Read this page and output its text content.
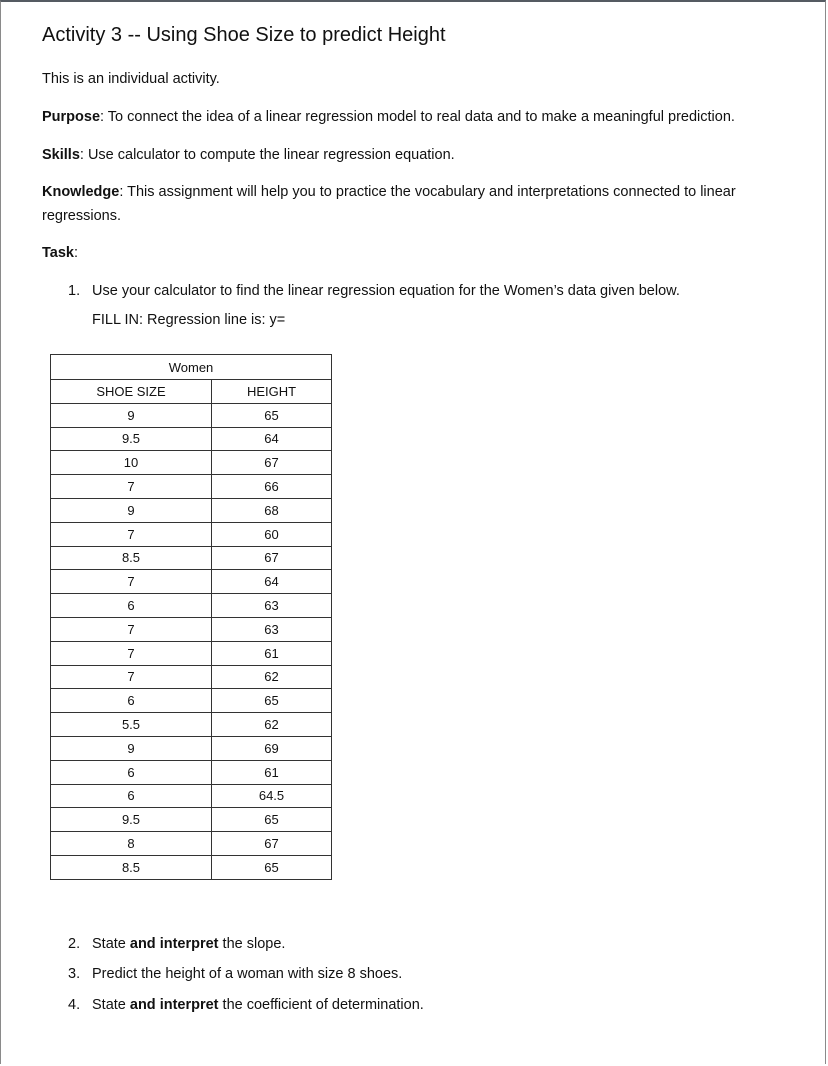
Activity 3 -- Using Shoe Size to predict Height

This is an individual activity.

Purpose: To connect the idea of a linear regression model to real data and to make a meaningful prediction.

Skills: Use calculator to compute the linear regression equation.

Knowledge: This assignment will help you to practice the vocabulary and interpretations connected to linear regressions.

Task:

1. Use your calculator to find the linear regression equation for the Women’s data given below.
FILL IN: Regression line is: y=
Women	
SHOE SIZE	HEIGHT
9	65
9.5	64
10	67
7	66
9	68
7	60
8.5	67
7	64
6	63
7	63
7	61
7	62
6	65
5.5	62
9	69
6	61
6	64.5
9.5	65
8	67
8.5	65
2. State and interpret the slope.
3. Predict the height of a woman with size 8 shoes.
4. State and interpret the coefficient of determination.
